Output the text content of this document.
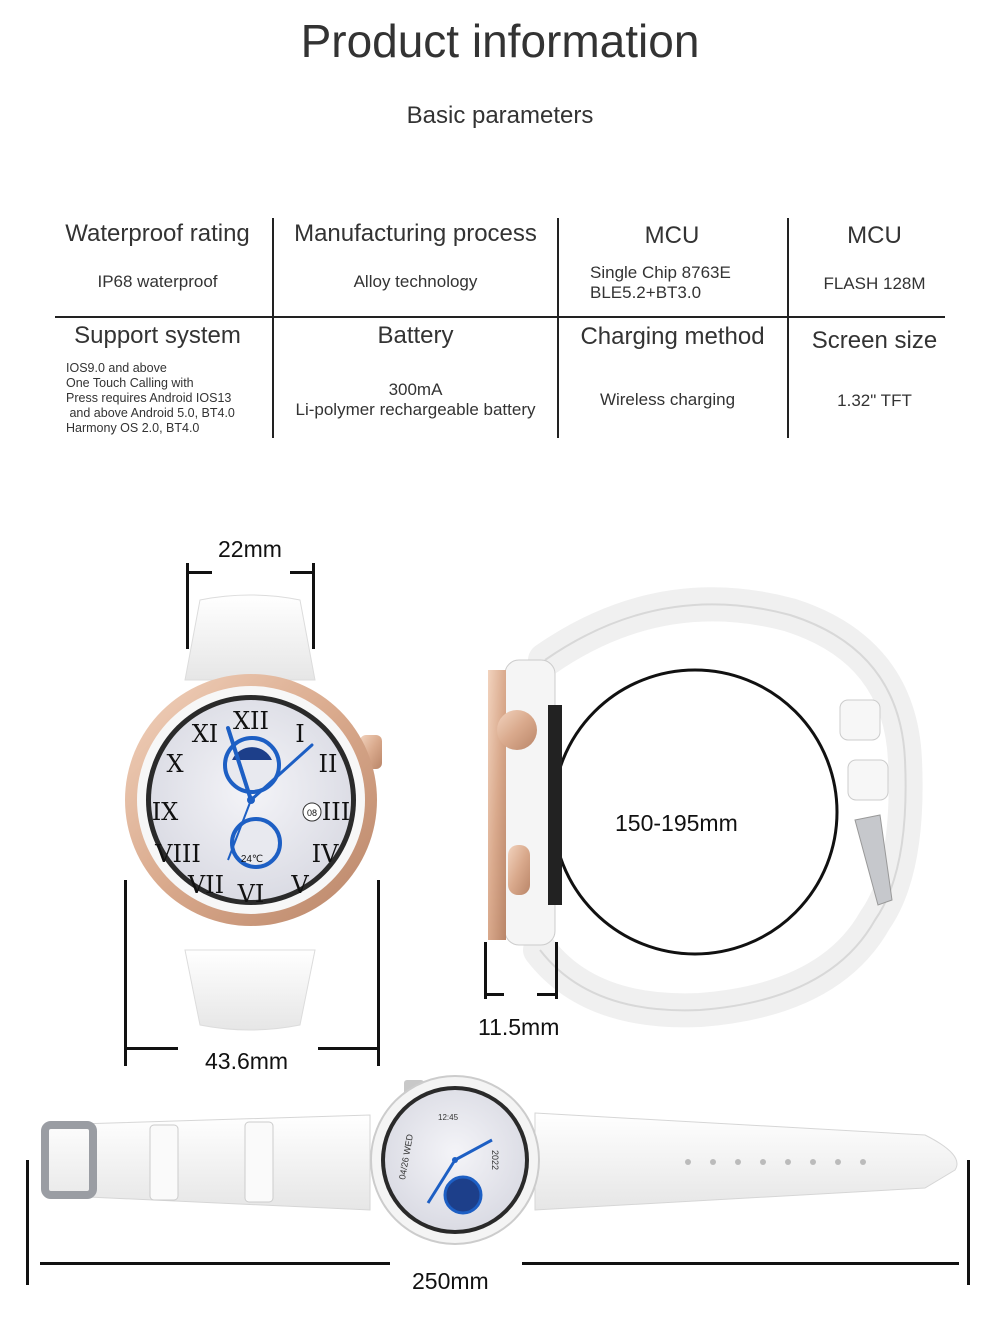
Product information
Basic parameters
Waterproof rating
IP68 waterproof
Manufacturing process
Alloy technology
MCU
Single Chip 8763E
BLE5.2+BT3.0
MCU
FLASH 128M
Support system
IOS9.0 and above
One Touch Calling with
Press requires Android IOS13
and above Android 5.0, BT4.0
Harmony OS 2.0, BT4.0
Battery
300mA
Li-polymer rechargeable battery
Charging method
Wireless charging
Screen size
1.32" TFT
XII I
II
III
IV
V
VI
VII
VIII
IX
X
XI
24℃
08
04/26 WED	2022
12:45
22mm
43.6mm
150-195mm
11.5mm
250mm
